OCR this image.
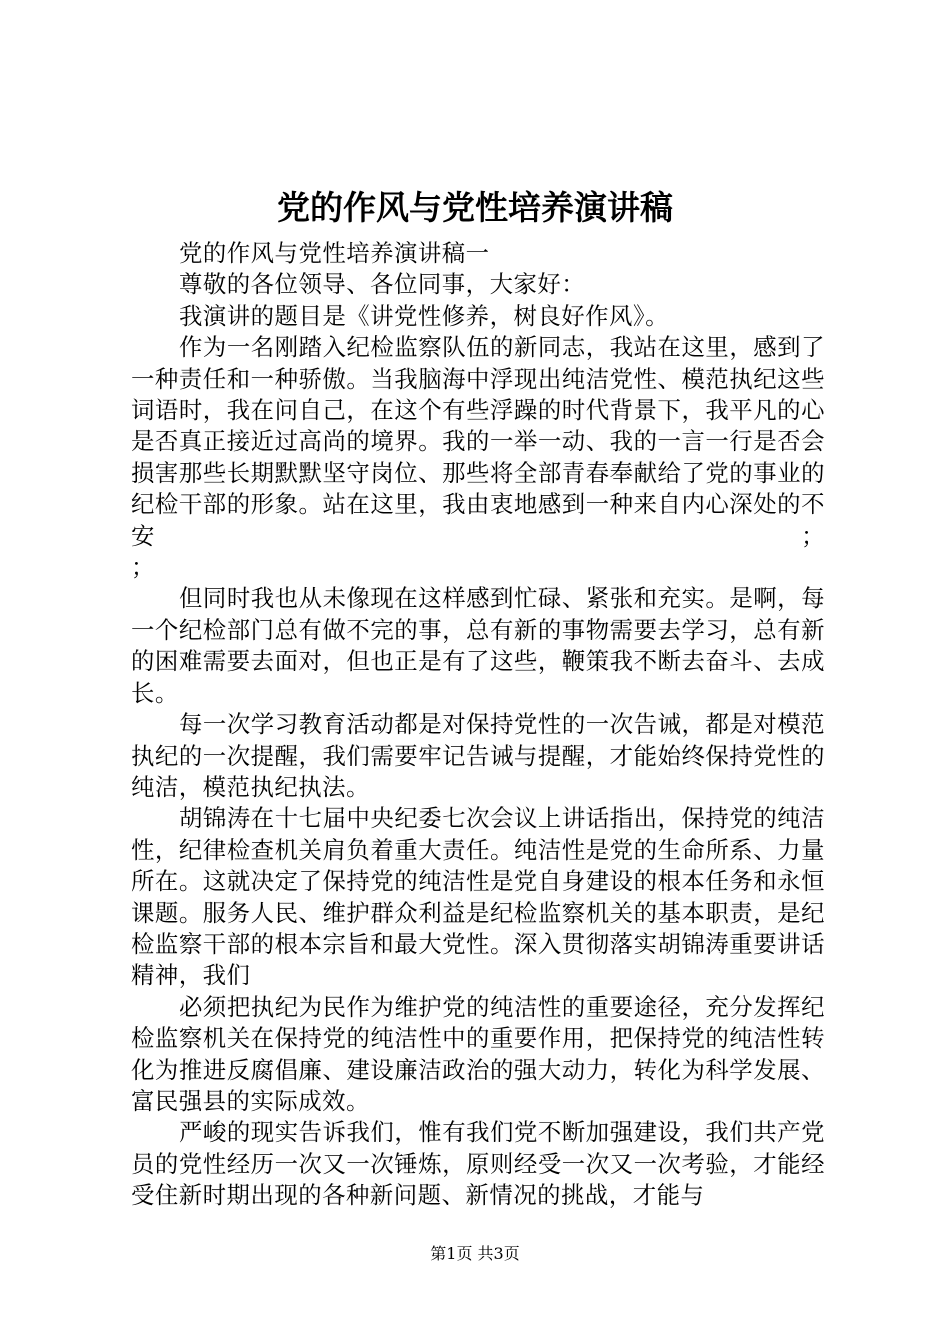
党的作风与党性培养演讲稿

党的作风与党性培养演讲稿一

尊敬的各位领导、各位同事，大家好：

我演讲的题目是《讲党性修养，树良好作风》。

作为一名刚踏入纪检监察队伍的新同志，我站在这里，感到了一种责任和一种骄傲。当我脑海中浮现出纯洁党性、模范执纪这些词语时，我在问自己，在这个有些浮躁的时代背景下，我平凡的心是否真正接近过高尚的境界。我的一举一动、我的一言一行是否会损害那些长期默默坚守岗位、那些将全部青春奉献给了党的事业的纪检干部的形象。站在这里，我由衷地感到一种来自内心深处的不安	；

；

但同时我也从未像现在这样感到忙碌、紧张和充实。是啊，每一个纪检部门总有做不完的事，总有新的事物需要去学习，总有新的困难需要去面对，但也正是有了这些，鞭策我不断去奋斗、去成长。

每一次学习教育活动都是对保持党性的一次告诫，都是对模范执纪的一次提醒，我们需要牢记告诫与提醒，才能始终保持党性的纯洁，模范执纪执法。

胡锦涛在十七届中央纪委七次会议上讲话指出，保持党的纯洁性，纪律检查机关肩负着重大责任。纯洁性是党的生命所系、力量所在。这就决定了保持党的纯洁性是党自身建设的根本任务和永恒课题。服务人民、维护群众利益是纪检监察机关的基本职责，是纪检监察干部的根本宗旨和最大党性。深入贯彻落实胡锦涛重要讲话精神，我们

必须把执纪为民作为维护党的纯洁性的重要途径，充分发挥纪检监察机关在保持党的纯洁性中的重要作用，把保持党的纯洁性转化为推进反腐倡廉、建设廉洁政治的强大动力，转化为科学发展、富民强县的实际成效。

严峻的现实告诉我们，惟有我们党不断加强建设，我们共产党员的党性经历一次又一次锤炼，原则经受一次又一次考验，才能经受住新时期出现的各种新问题、新情况的挑战，才能与

第1页 共3页
